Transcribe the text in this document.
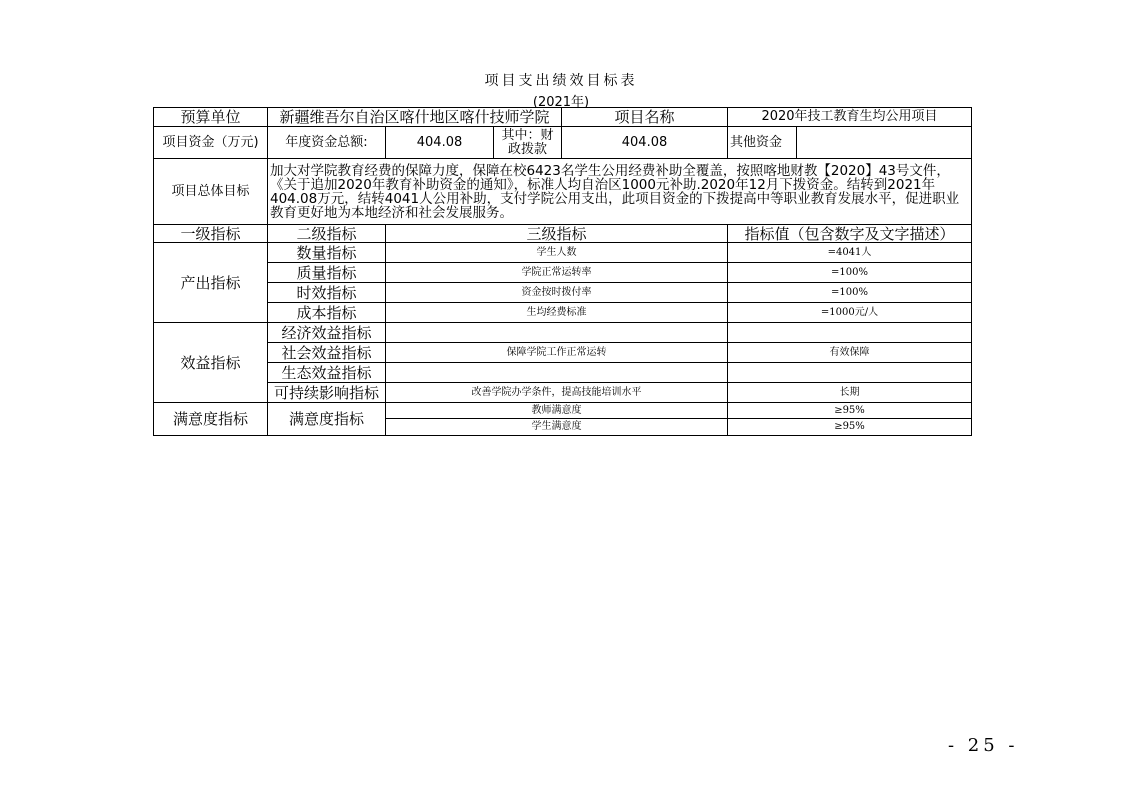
项目支出绩效目标表
(2021年)
预算单位	新疆维吾尔自治区喀什地区喀什技师学院			项目名称	2020年技工教育生均公用项目	
项目资金（万元)	年度资金总额:	404.08	其中：财政拨款	404.08	其他资金	
项目总体目标	加大对学院教育经费的保障力度，保障在校6423名学生公用经费补助全覆盖，按照喀地财教【2020】43号文件，《关于追加2020年教育补助资金的通知》，标准人均自治区1000元补助.2020年12月下拨资金。结转到2021年404.08万元，结转4041人公用补助，支付学院公用支出，此项目资金的下拨提高中等职业教育发展水平，促进职业教育更好地为本地经济和社会发展服务。					
一级指标	二级指标	三级指标			指标值（包含数字及文字描述）	
产出指标	数量指标	学生人数			=4041人	
	质量指标	学院正常运转率			=100%	
	时效指标	资金按时拨付率			=100%	
	成本指标	生均经费标准			=1000元/人	
效益指标	经济效益指标					
	社会效益指标	保障学院工作正常运转			有效保障	
	生态效益指标					
	可持续影响指标	改善学院办学条件，提高技能培训水平			长期	
满意度指标	满意度指标	教师满意度			≥95%	
		学生满意度			≥95%	
- 25 -
